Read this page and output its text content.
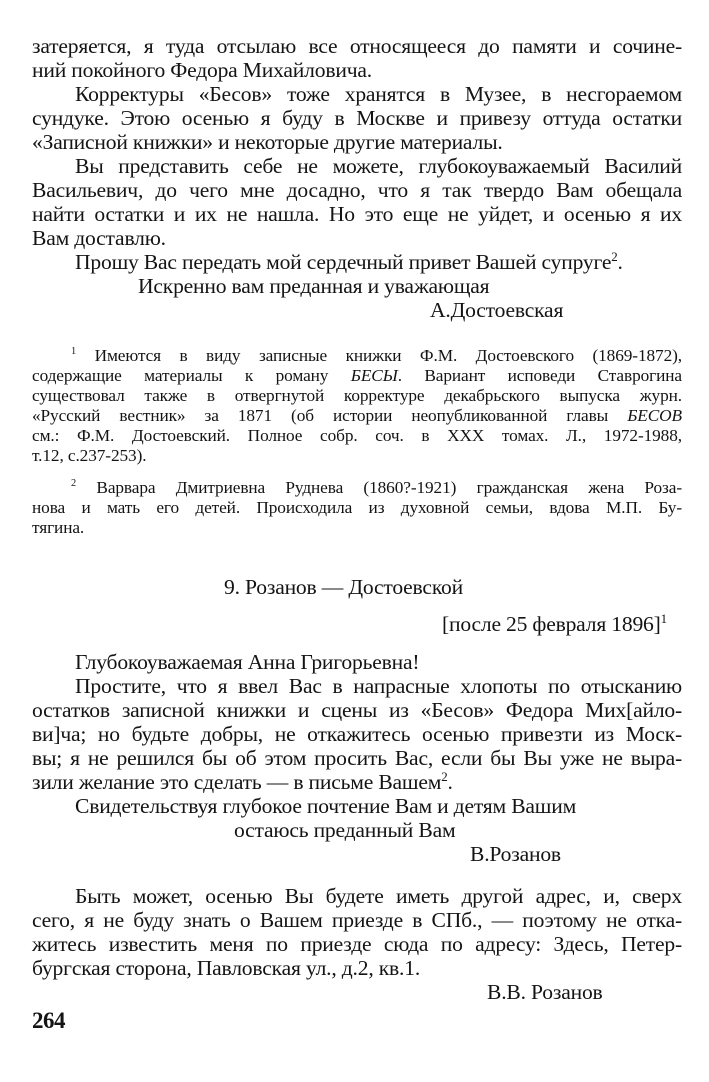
затеряется, я туда отсылаю все относящееся до памяти и сочине-
ний покойного Федора Михайловича.
Корректуры «Бесов» тоже хранятся в Музее, в несгораемом
сундуке. Этою осенью я буду в Москве и привезу оттуда остатки
«Записной книжки» и некоторые другие материалы.
Вы представить себе не можете, глубокоуважаемый Василий
Васильевич, до чего мне досадно, что я так твердо Вам обещала
найти остатки и их не нашла. Но это еще не уйдет, и осенью я их
Вам доставлю.
Прошу Вас передать мой сердечный привет Вашей супруге$^2$.
Искренно вам преданная и уважающая
А.Достоевская
$^1$ Имеются в виду записные книжки Ф.М. Достоевского (1869-1872),
содержащие материалы к роману БЕСЫ. Вариант исповеди Ставрогина
существовал также в отвергнутой корректуре декабрьского выпуска журн.
«Русский вестник» за 1871 (об истории неопубликованной главы БЕСОВ
см.: Ф.М. Достоевский. Полное собр. соч. в XXX томах. Л., 1972-1988,
т.12, с.237-253).
$^2$ Варвара Дмитриевна Руднева (1860?-1921) гражданская жена Роза-
нова и мать его детей. Происходила из духовной семьи, вдова М.П. Бу-
тягина.
9. Розанов — Достоевской
[после 25 февраля 1896]$^1$
Глубокоуважаемая Анна Григорьевна!
Простите, что я ввел Вас в напрасные хлопоты по отысканию
остатков записной книжки и сцены из «Бесов» Федора Мих[айло-
ви]ча; но будьте добры, не откажитесь осенью привезти из Моск-
вы; я не решился бы об этом просить Вас, если бы Вы уже не выра-
зили желание это сделать — в письме Вашем$^2$.
Свидетельствуя глубокое почтение Вам и детям Вашим
остаюсь преданный Вам
В.Розанов
Быть может, осенью Вы будете иметь другой адрес, и, сверх
сего, я не буду знать о Вашем приезде в СПб., — поэтому не отка-
житесь известить меня по приезде сюда по адресу: Здесь, Петер-
бургская сторона, Павловская ул., д.2, кв.1.
В.В. Розанов
264
